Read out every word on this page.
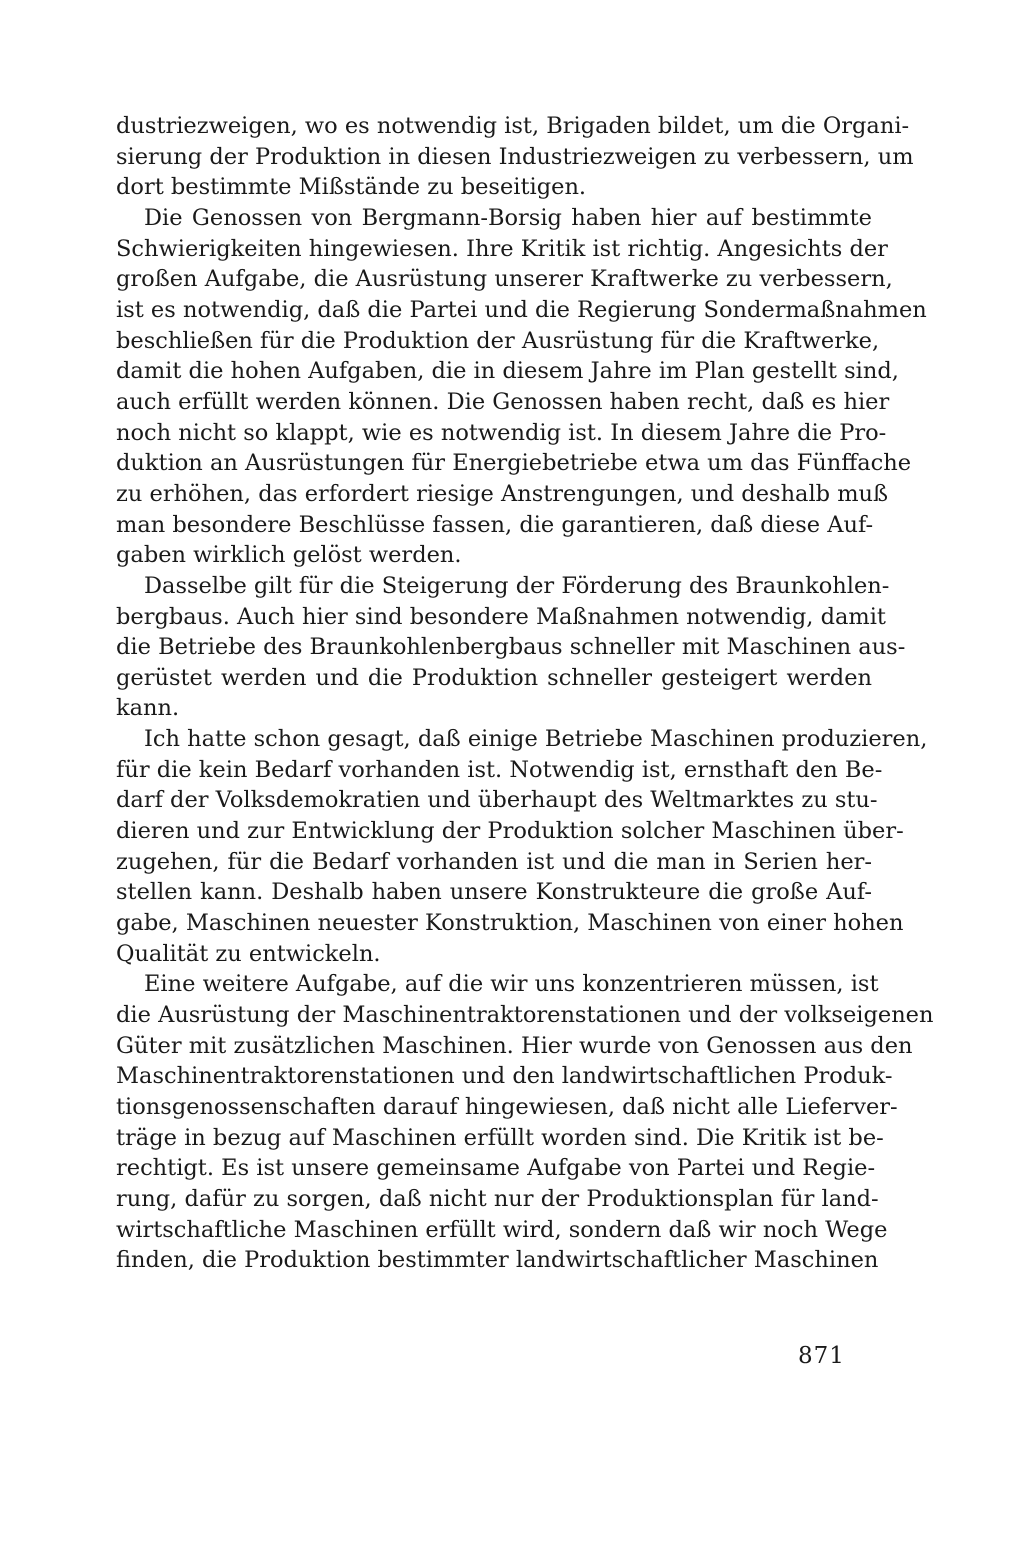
dustriezweigen, wo es notwendig ist, Brigaden bildet, um die Organi-
sierung der Produktion in diesen Industriezweigen zu verbessern, um
dort bestimmte Mißstände zu beseitigen.
Die Genossen von Bergmann-Borsig haben hier auf bestimmte
Schwierigkeiten hingewiesen. Ihre Kritik ist richtig. Angesichts der
großen Aufgabe, die Ausrüstung unserer Kraftwerke zu verbessern,
ist es notwendig, daß die Partei und die Regierung Sondermaßnahmen
beschließen für die Produktion der Ausrüstung für die Kraftwerke,
damit die hohen Aufgaben, die in diesem Jahre im Plan gestellt sind,
auch erfüllt werden können. Die Genossen haben recht, daß es hier
noch nicht so klappt, wie es notwendig ist. In diesem Jahre die Pro-
duktion an Ausrüstungen für Energiebetriebe etwa um das Fünffache
zu erhöhen, das erfordert riesige Anstrengungen, und deshalb muß
man besondere Beschlüsse fassen, die garantieren, daß diese Auf-
gaben wirklich gelöst werden.
Dasselbe gilt für die Steigerung der Förderung des Braunkohlen-
bergbaus. Auch hier sind besondere Maßnahmen notwendig, damit
die Betriebe des Braunkohlenbergbaus schneller mit Maschinen aus-
gerüstet werden und die Produktion schneller gesteigert werden
kann.
Ich hatte schon gesagt, daß einige Betriebe Maschinen produzieren,
für die kein Bedarf vorhanden ist. Notwendig ist, ernsthaft den Be-
darf der Volksdemokratien und überhaupt des Weltmarktes zu stu-
dieren und zur Entwicklung der Produktion solcher Maschinen über-
zugehen, für die Bedarf vorhanden ist und die man in Serien her-
stellen kann. Deshalb haben unsere Konstrukteure die große Auf-
gabe, Maschinen neuester Konstruktion, Maschinen von einer hohen
Qualität zu entwickeln.
Eine weitere Aufgabe, auf die wir uns konzentrieren müssen, ist
die Ausrüstung der Maschinentraktorenstationen und der volkseigenen
Güter mit zusätzlichen Maschinen. Hier wurde von Genossen aus den
Maschinentraktorenstationen und den landwirtschaftlichen Produk-
tionsgenossenschaften darauf hingewiesen, daß nicht alle Lieferver-
träge in bezug auf Maschinen erfüllt worden sind. Die Kritik ist be-
rechtigt. Es ist unsere gemeinsame Aufgabe von Partei und Regie-
rung, dafür zu sorgen, daß nicht nur der Produktionsplan für land-
wirtschaftliche Maschinen erfüllt wird, sondern daß wir noch Wege
finden, die Produktion bestimmter landwirtschaftlicher Maschinen
871
